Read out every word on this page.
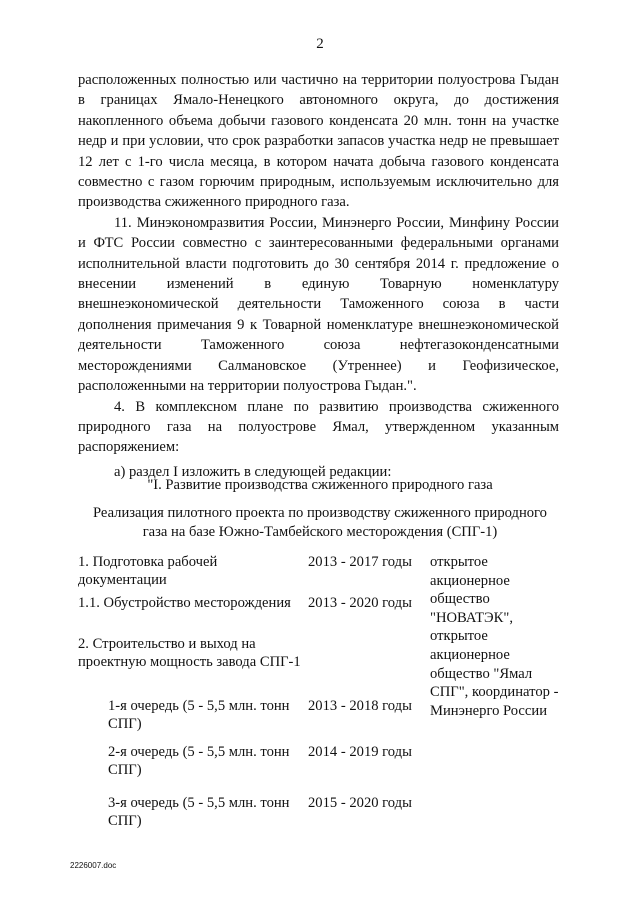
2

расположенных полностью или частично на территории полуострова Гыдан в границах Ямало-Ненецкого автономного округа, до достижения накопленного объема добычи газового конденсата 20 млн. тонн на участке недр и при условии, что срок разработки запасов участка недр не превышает 12 лет с 1-го числа месяца, в котором начата добыча газового конденсата совместно с газом горючим природным, используемым исключительно для производства сжиженного природного газа.

11. Минэкономразвития России, Минэнерго России, Минфину России и ФТС России совместно с заинтересованными федеральными органами исполнительной власти подготовить до 30 сентября 2014 г. предложение о внесении изменений в единую Товарную номенклатуру внешнеэкономической деятельности Таможенного союза в части дополнения примечания 9 к Товарной номенклатуре внешнеэкономической деятельности Таможенного союза нефтегазоконденсатными месторождениями Салмановское (Утреннее) и Геофизическое, расположенными на территории полуострова Гыдан.".

4. В комплексном плане по развитию производства сжиженного природного газа на полуострове Ямал, утвержденном указанным распоряжением:

а) раздел I изложить в следующей редакции:

"I. Развитие производства сжиженного природного газа
Реализация пилотного проекта по производству сжиженного природного газа на базе Южно-Тамбейского месторождения (СПГ-1)
1. Подготовка рабочей документации
2013 - 2017 годы
1.1. Обустройство месторождения	2013 - 2020 годы
2. Строительство и выход на проектную мощность завода СПГ-1
1-я очередь (5 - 5,5 млн. тонн СПГ)
2013 - 2018 годы
2-я очередь (5 - 5,5 млн. тонн СПГ)
2014 - 2019 годы
3-я очередь (5 - 5,5 млн. тонн СПГ)
2015 - 2020 годы
открытое акционерное общество "НОВАТЭК", открытое акционерное общество "Ямал СПГ", координатор - Минэнерго России
2226007.doc
